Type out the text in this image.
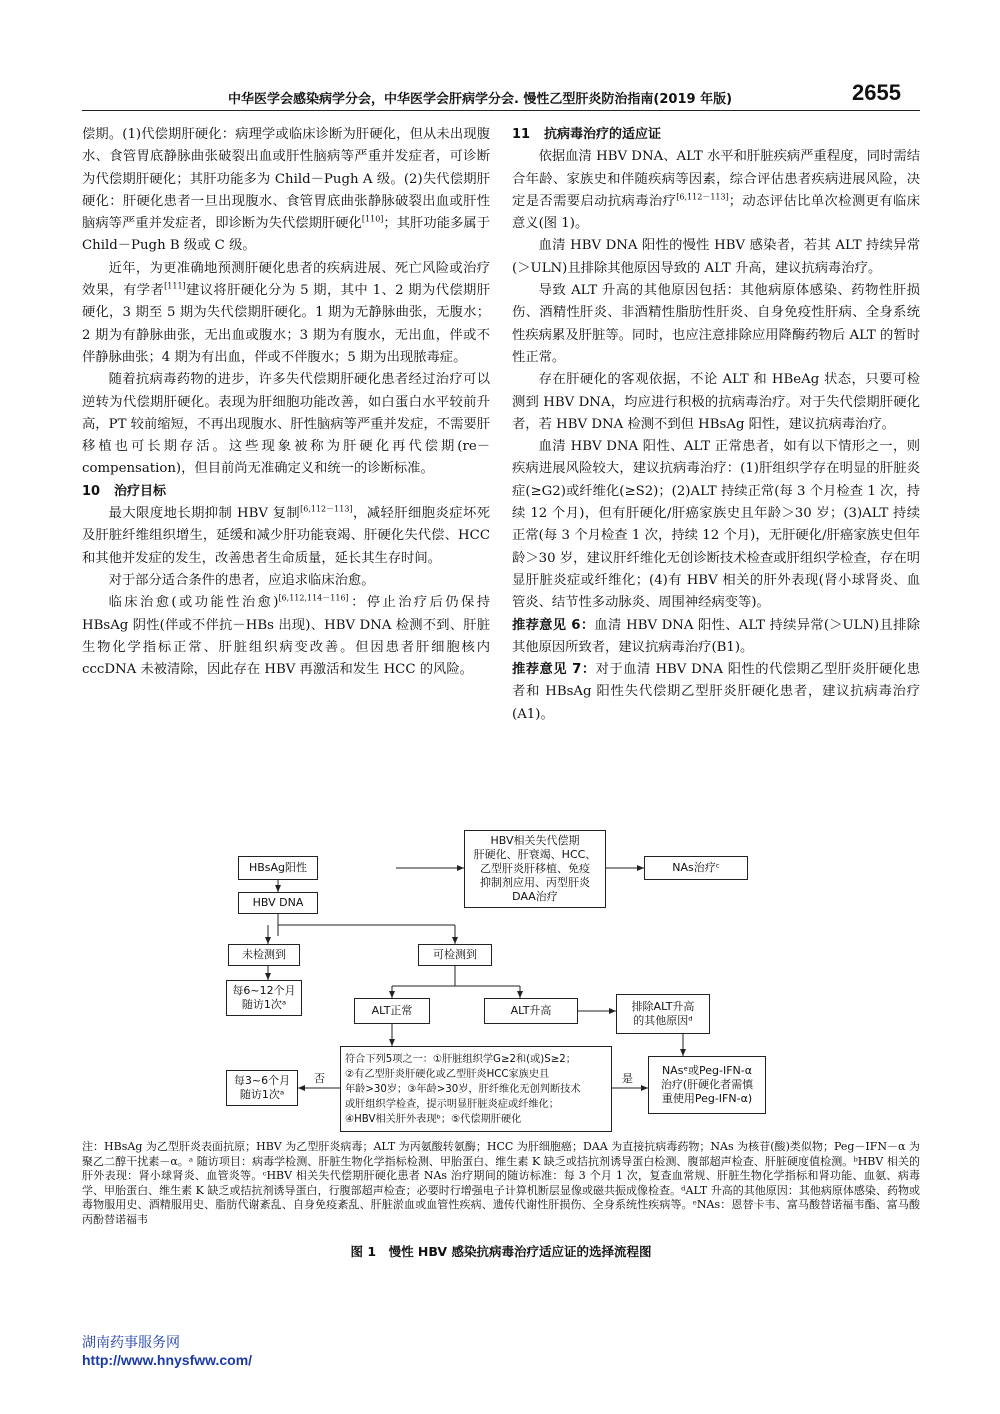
中华医学会感染病学分会，中华医学会肝病学分会. 慢性乙型肝炎防治指南(2019 年版)	2655

偿期。(1)代偿期肝硬化：病理学或临床诊断为肝硬化，但从未出现腹水、食管胃底静脉曲张破裂出血或肝性脑病等严重并发症者，可诊断为代偿期肝硬化；其肝功能多为 Child－Pugh A 级。(2)失代偿期肝硬化：肝硬化患者一旦出现腹水、食管胃底曲张静脉破裂出血或肝性脑病等严重并发症者，即诊断为失代偿期肝硬化[110]；其肝功能多属于 Child－Pugh B 级或 C 级。

近年，为更准确地预测肝硬化患者的疾病进展、死亡风险或治疗效果，有学者[111]建议将肝硬化分为 5 期，其中 1、2 期为代偿期肝硬化，3 期至 5 期为失代偿期肝硬化。1 期为无静脉曲张，无腹水；2 期为有静脉曲张，无出血或腹水；3 期为有腹水，无出血，伴或不伴静脉曲张；4 期为有出血，伴或不伴腹水；5 期为出现脓毒症。

随着抗病毒药物的进步，许多失代偿期肝硬化患者经过治疗可以逆转为代偿期肝硬化。表现为肝细胞功能改善，如白蛋白水平较前升高，PT 较前缩短，不再出现腹水、肝性脑病等严重并发症，不需要肝移植也可长期存活。这些现象被称为肝硬化再代偿期(re－compensation)，但目前尚无准确定义和统一的诊断标准。

10 治疗目标

最大限度地长期抑制 HBV 复制[6,112－113]，减轻肝细胞炎症坏死及肝脏纤维组织增生，延缓和减少肝功能衰竭、肝硬化失代偿、HCC 和其他并发症的发生，改善患者生命质量，延长其生存时间。

对于部分适合条件的患者，应追求临床治愈。

临床治愈(或功能性治愈)[6,112,114－116]：停止治疗后仍保持 HBsAg 阴性(伴或不伴抗－HBs 出现)、HBV DNA 检测不到、肝脏生物化学指标正常、肝脏组织病变改善。但因患者肝细胞核内 cccDNA 未被清除，因此存在 HBV 再激活和发生 HCC 的风险。

11 抗病毒治疗的适应证

依据血清 HBV DNA、ALT 水平和肝脏疾病严重程度，同时需结合年龄、家族史和伴随疾病等因素，综合评估患者疾病进展风险，决定是否需要启动抗病毒治疗[6,112－113]；动态评估比单次检测更有临床意义(图 1)。

血清 HBV DNA 阳性的慢性 HBV 感染者，若其 ALT 持续异常(＞ULN)且排除其他原因导致的 ALT 升高，建议抗病毒治疗。

导致 ALT 升高的其他原因包括：其他病原体感染、药物性肝损伤、酒精性肝炎、非酒精性脂肪性肝炎、自身免疫性肝病、全身系统性疾病累及肝脏等。同时，也应注意排除应用降酶药物后 ALT 的暂时性正常。

存在肝硬化的客观依据，不论 ALT 和 HBeAg 状态，只要可检测到 HBV DNA，均应进行积极的抗病毒治疗。对于失代偿期肝硬化者，若 HBV DNA 检测不到但 HBsAg 阳性，建议抗病毒治疗。

血清 HBV DNA 阳性、ALT 正常患者，如有以下情形之一，则疾病进展风险较大，建议抗病毒治疗：(1)肝组织学存在明显的肝脏炎症(≥G2)或纤维化(≥S2)；(2)ALT 持续正常(每 3 个月检查 1 次，持续 12 个月)，但有肝硬化/肝癌家族史且年龄＞30 岁；(3)ALT 持续正常(每 3 个月检查 1 次，持续 12 个月)，无肝硬化/肝癌家族史但年龄＞30 岁，建议肝纤维化无创诊断技术检查或肝组织学检查，存在明显肝脏炎症或纤维化；(4)有 HBV 相关的肝外表现(肾小球肾炎、血管炎、结节性多动脉炎、周围神经病变等)。

推荐意见 6：血清 HBV DNA 阳性、ALT 持续异常(＞ULN)且排除其他原因所致者，建议抗病毒治疗(B1)。

推荐意见 7：对于血清 HBV DNA 阳性的代偿期乙型肝炎肝硬化患者和 HBsAg 阳性失代偿期乙型肝炎肝硬化患者，建议抗病毒治疗(A1)。

HBsAg阳性
HBV DNA
HBV相关失代偿期
肝硬化、肝衰竭、HCC、
乙型肝炎肝移植、免疫
抑制剂应用、丙型肝炎
DAA治疗
NAs治疗ᶜ
未检测到	可检测到
每6~12个月
随访1次ᵃ	ALT正常	ALT升高	排除ALT升高
的其他原因ᵈ
符合下列5项之一：①肝脏组织学G≥2和(或)S≥2；
②有乙型肝炎肝硬化或乙型肝炎HCC家族史且
年龄>30岁；③年龄>30岁，肝纤维化无创判断技术
或肝组织学检查，提示明显肝脏炎症或纤维化；
④HBV相关肝外表现ᵇ；⑤代偿期肝硬化
每3~6个月
随访1次ᵃ
NAsᵉ或Peg-IFN-α
治疗(肝硬化者需慎
重使用Peg-IFN-α)
否	是
注：HBsAg 为乙型肝炎表面抗原；HBV 为乙型肝炎病毒；ALT 为丙氨酸转氨酶；HCC 为肝细胞癌；DAA 为直接抗病毒药物；NAs 为核苷(酸)类似物；Peg－IFN－α 为聚乙二醇干扰素－α。ᵃ 随访项目：病毒学检测、肝脏生物化学指标检测、甲胎蛋白、维生素 K 缺乏或拮抗剂诱导蛋白检测、腹部超声检查、肝脏硬度值检测。ᵇHBV 相关的肝外表现：肾小球肾炎、血管炎等。ᶜHBV 相关失代偿期肝硬化患者 NAs 治疗期间的随访标准：每 3 个月 1 次，复查血常规、肝脏生物化学指标和肾功能、血氨、病毒学、甲胎蛋白、维生素 K 缺乏或拮抗剂诱导蛋白，行腹部超声检查；必要时行增强电子计算机断层显像或磁共振成像检查。ᵈALT 升高的其他原因：其他病原体感染、药物或毒物服用史、酒精服用史、脂肪代谢紊乱、自身免疫紊乱、肝脏淤血或血管性疾病、遗传代谢性肝损伤、全身系统性疾病等。ᵉNAs：恩替卡韦、富马酸替诺福韦酯、富马酸丙酚替诺福韦
图 1　慢性 HBV 感染抗病毒治疗适应证的选择流程图
湖南药事服务网
http://www.hnysfww.com/
